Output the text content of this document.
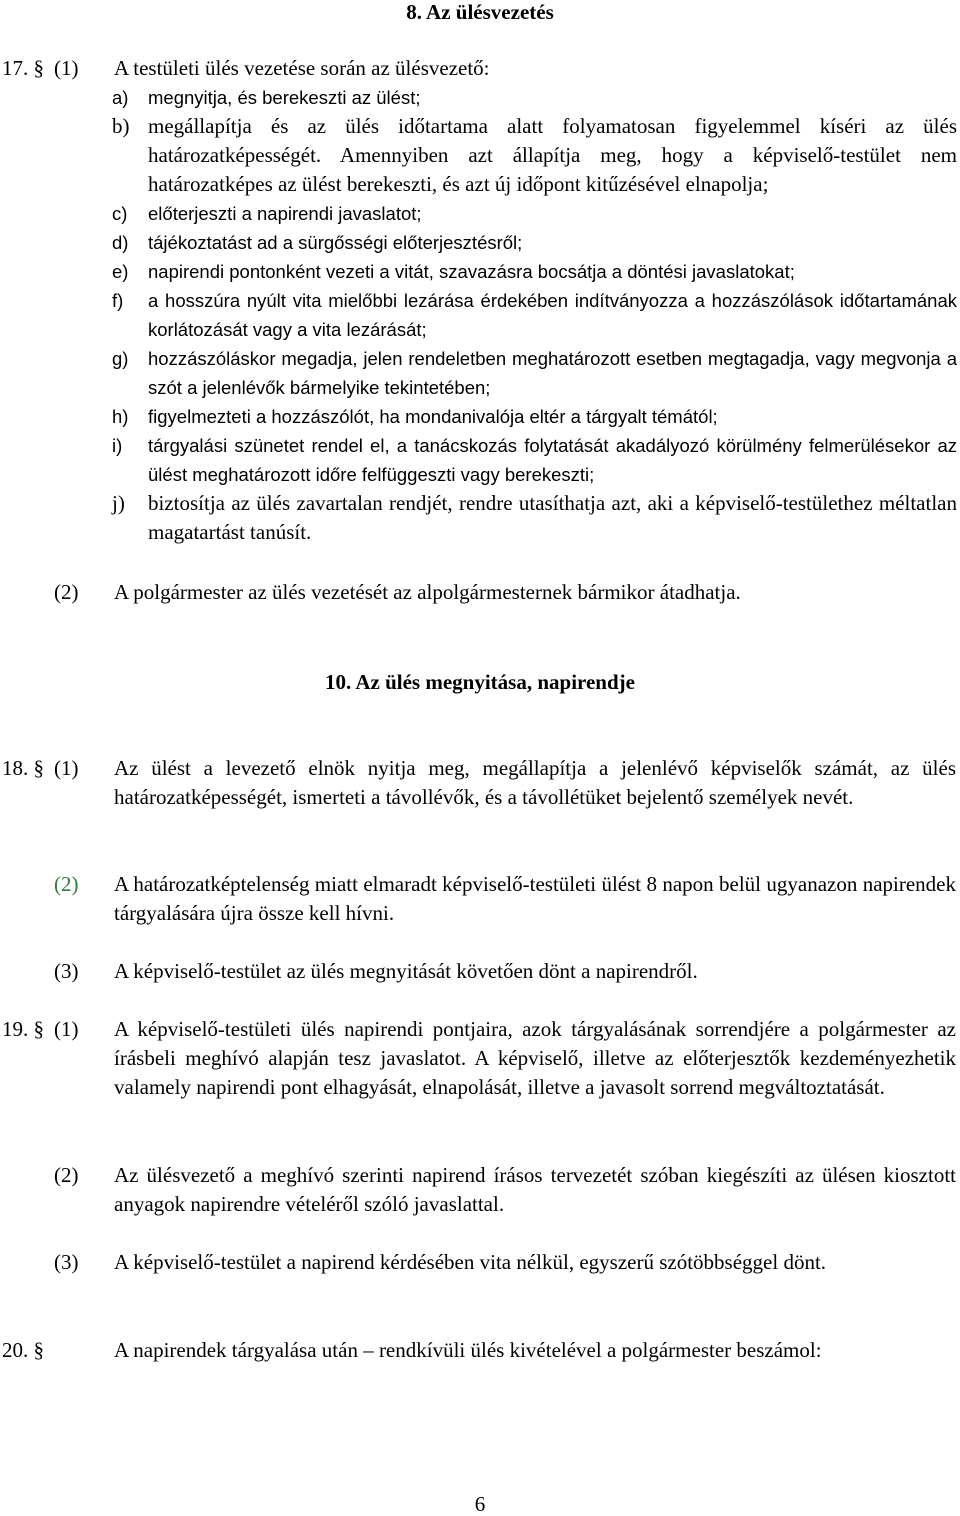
8. Az ülésvezetés
17. § (1) A testületi ülés vezetése során az ülésvezető:
a) megnyitja, és berekeszti az ülést;
b) megállapítja és az ülés időtartama alatt folyamatosan figyelemmel kíséri az ülés határozatképességét. Amennyiben azt állapítja meg, hogy a képviselő-testület nem határozatképes az ülést berekeszti, és azt új időpont kitűzésével elnapolja;
c) előterjeszti a napirendi javaslatot;
d) tájékoztatást ad a sürgősségi előterjesztésről;
e) napirendi pontonként vezeti a vitát, szavazásra bocsátja a döntési javaslatokat;
f) a hosszúra nyúlt vita mielőbbi lezárása érdekében indítványozza a hozzászólások időtartamának korlátozását vagy a vita lezárását;
g) hozzászóláskor megadja, jelen rendeletben meghatározott esetben megtagadja, vagy megvonja a szót a jelenlévők bármelyike tekintetében;
h) figyelmezteti a hozzászólót, ha mondanivalója eltér a tárgyalt témától;
i) tárgyalási szünetet rendel el, a tanácskozás folytatását akadályozó körülmény felmerülésekor az ülést meghatározott időre felfüggeszti vagy berekeszti;
j) biztosítja az ülés zavartalan rendjét, rendre utasíthatja azt, aki a képviselő-testülethez méltatlan magatartást tanúsít.
(2) A polgármester az ülés vezetését az alpolgármesternek bármikor átadhatja.
10. Az ülés megnyitása, napirendje
18. § (1) Az ülést a levezető elnök nyitja meg, megállapítja a jelenlévő képviselők számát, az ülés határozatképességét, ismerteti a távollévők, és a távollétüket bejelentő személyek nevét.
(2) A határozatképtelenség miatt elmaradt képviselő-testületi ülést 8 napon belül ugyanazon napirendek tárgyalására újra össze kell hívni.
(3) A képviselő-testület az ülés megnyitását követően dönt a napirendről.
19. § (1) A képviselő-testületi ülés napirendi pontjaira, azok tárgyalásának sorrendjére a polgármester az írásbeli meghívó alapján tesz javaslatot. A képviselő, illetve az előterjesztők kezdeményezhetik valamely napirendi pont elhagyását, elnapolását, illetve a javasolt sorrend megváltoztatását.
(2) Az ülésvezető a meghívó szerinti napirend írásos tervezetét szóban kiegészíti az ülésen kiosztott anyagok napirendre vételéről szóló javaslattal.
(3) A képviselő-testület a napirend kérdésében vita nélkül, egyszerű szótöbbséggel dönt.
20. §	A napirendek tárgyalása után – rendkívüli ülés kivételével a polgármester beszámol:
6
